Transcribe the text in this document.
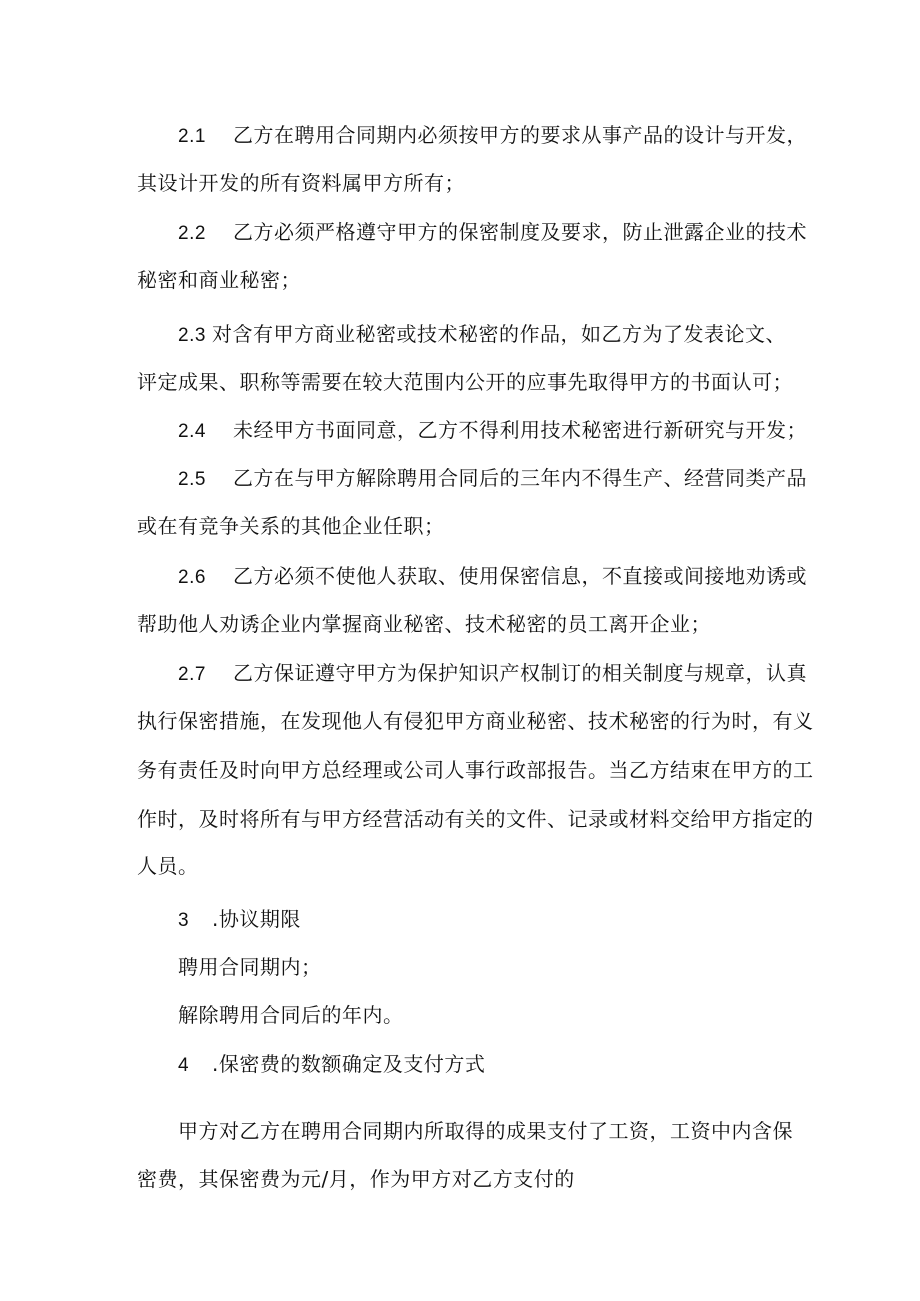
2.1 乙方在聘用合同期内必须按甲方的要求从事产品的设计与开发，
其设计开发的所有资料属甲方所有；
2.2 乙方必须严格遵守甲方的保密制度及要求，防止泄露企业的技术
秘密和商业秘密；
2.3 对含有甲方商业秘密或技术秘密的作品，如乙方为了发表论文、
评定成果、职称等需要在较大范围内公开的应事先取得甲方的书面认可；
2.4 未经甲方书面同意，乙方不得利用技术秘密进行新研究与开发；
2.5 乙方在与甲方解除聘用合同后的三年内不得生产、经营同类产品
或在有竞争关系的其他企业任职；
2.6 乙方必须不使他人获取、使用保密信息，不直接或间接地劝诱或
帮助他人劝诱企业内掌握商业秘密、技术秘密的员工离开企业；
2.7 乙方保证遵守甲方为保护知识产权制订的相关制度与规章，认真
执行保密措施，在发现他人有侵犯甲方商业秘密、技术秘密的行为时，有义
务有责任及时向甲方总经理或公司人事行政部报告。当乙方结束在甲方的工
作时，及时将所有与甲方经营活动有关的文件、记录或材料交给甲方指定的
人员。
3 .协议期限
聘用合同期内；
解除聘用合同后的年内。
4 .保密费的数额确定及支付方式
甲方对乙方在聘用合同期内所取得的成果支付了工资，工资中内含保
密费，其保密费为元/月，作为甲方对乙方支付的
